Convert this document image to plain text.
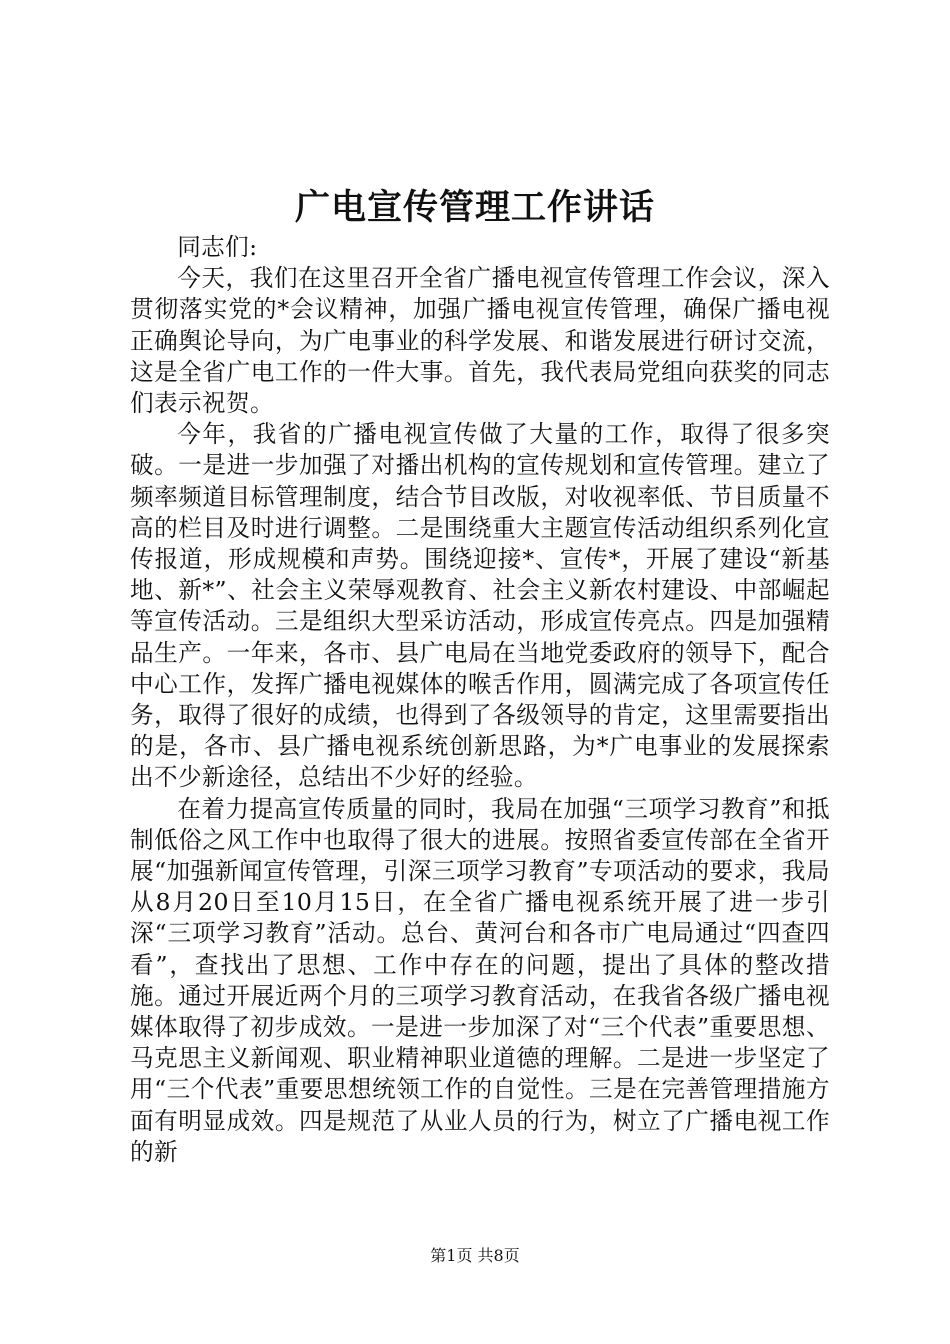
广电宣传管理工作讲话

同志们:

今天，我们在这里召开全省广播电视宣传管理工作会议，深入贯彻落实党的*会议精神，加强广播电视宣传管理，确保广播电视正确舆论导向，为广电事业的科学发展、和谐发展进行研讨交流，这是全省广电工作的一件大事。首先，我代表局党组向获奖的同志们表示祝贺。

今年，我省的广播电视宣传做了大量的工作，取得了很多突破。一是进一步加强了对播出机构的宣传规划和宣传管理。建立了频率频道目标管理制度，结合节目改版，对收视率低、节目质量不高的栏目及时进行调整。二是围绕重大主题宣传活动组织系列化宣传报道，形成规模和声势。围绕迎接*、宣传*，开展了建设“新基地、新*”、社会主义荣辱观教育、社会主义新农村建设、中部崛起等宣传活动。三是组织大型采访活动，形成宣传亮点。四是加强精品生产。一年来，各市、县广电局在当地党委政府的领导下，配合中心工作，发挥广播电视媒体的喉舌作用，圆满完成了各项宣传任务，取得了很好的成绩，也得到了各级领导的肯定，这里需要指出的是，各市、县广播电视系统创新思路，为*广电事业的发展探索出不少新途径，总结出不少好的经验。

在着力提高宣传质量的同时，我局在加强“三项学习教育”和抵制低俗之风工作中也取得了很大的进展。按照省委宣传部在全省开展“加强新闻宣传管理，引深三项学习教育”专项活动的要求，我局从8月20日至10月15日，在全省广播电视系统开展了进一步引深“三项学习教育”活动。总台、黄河台和各市广电局通过“四查四看”，查找出了思想、工作中存在的问题，提出了具体的整改措施。通过开展近两个月的三项学习教育活动，在我省各级广播电视媒体取得了初步成效。一是进一步加深了对“三个代表”重要思想、马克思主义新闻观、职业精神职业道德的理解。二是进一步坚定了用“三个代表”重要思想统领工作的自觉性。三是在完善管理措施方面有明显成效。四是规范了从业人员的行为，树立了广播电视工作的新

第1页 共8页
